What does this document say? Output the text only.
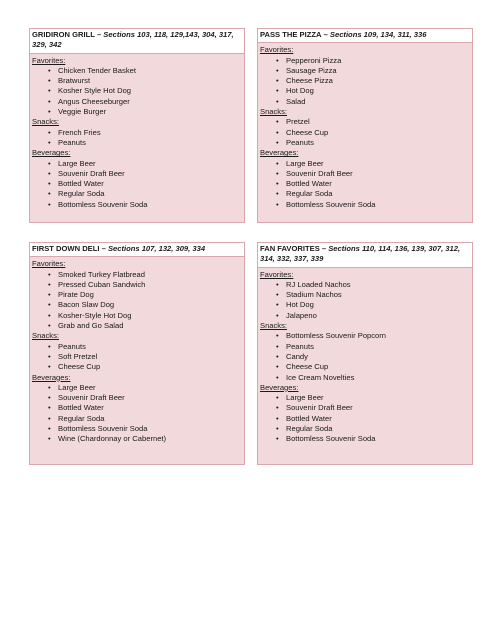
GRIDIRON GRILL – Sections 103, 118, 129,143, 304, 317, 329, 342
Favorites:
• Chicken Tender Basket
• Bratwurst
• Kosher Style Hot Dog
• Angus Cheeseburger
• Veggie Burger
Snacks:
• French Fries
• Peanuts
Beverages:
• Large Beer
• Souvenir Draft Beer
• Bottled Water
• Regular Soda
• Bottomless Souvenir Soda
PASS THE PIZZA – Sections 109, 134, 311, 336
Favorites:
• Pepperoni Pizza
• Sausage Pizza
• Cheese Pizza
• Hot Dog
• Salad
Snacks:
• Pretzel
• Cheese Cup
• Peanuts
Beverages:
• Large Beer
• Souvenir Draft Beer
• Bottled Water
• Regular Soda
• Bottomless Souvenir Soda
FIRST DOWN DELI – Sections 107, 132, 309, 334
Favorites:
• Smoked Turkey Flatbread
• Pressed Cuban Sandwich
• Pirate Dog
• Bacon Slaw Dog
• Kosher-Style Hot Dog
• Grab and Go Salad
Snacks:
• Peanuts
• Soft Pretzel
• Cheese Cup
Beverages:
• Large Beer
• Souvenir Draft Beer
• Bottled Water
• Regular Soda
• Bottomless Souvenir Soda
• Wine (Chardonnay or Cabernet)
FAN FAVORITES – Sections 110, 114, 136, 139, 307, 312, 314, 332, 337, 339
Favorites:
• RJ Loaded Nachos
• Stadium Nachos
• Hot Dog
• Jalapeno
Snacks:
• Bottomless Souvenir Popcorn
• Peanuts
• Candy
• Cheese Cup
• Ice Cream Novelties
Beverages:
• Large Beer
• Souvenir Draft Beer
• Bottled Water
• Regular Soda
• Bottomless Souvenir Soda
